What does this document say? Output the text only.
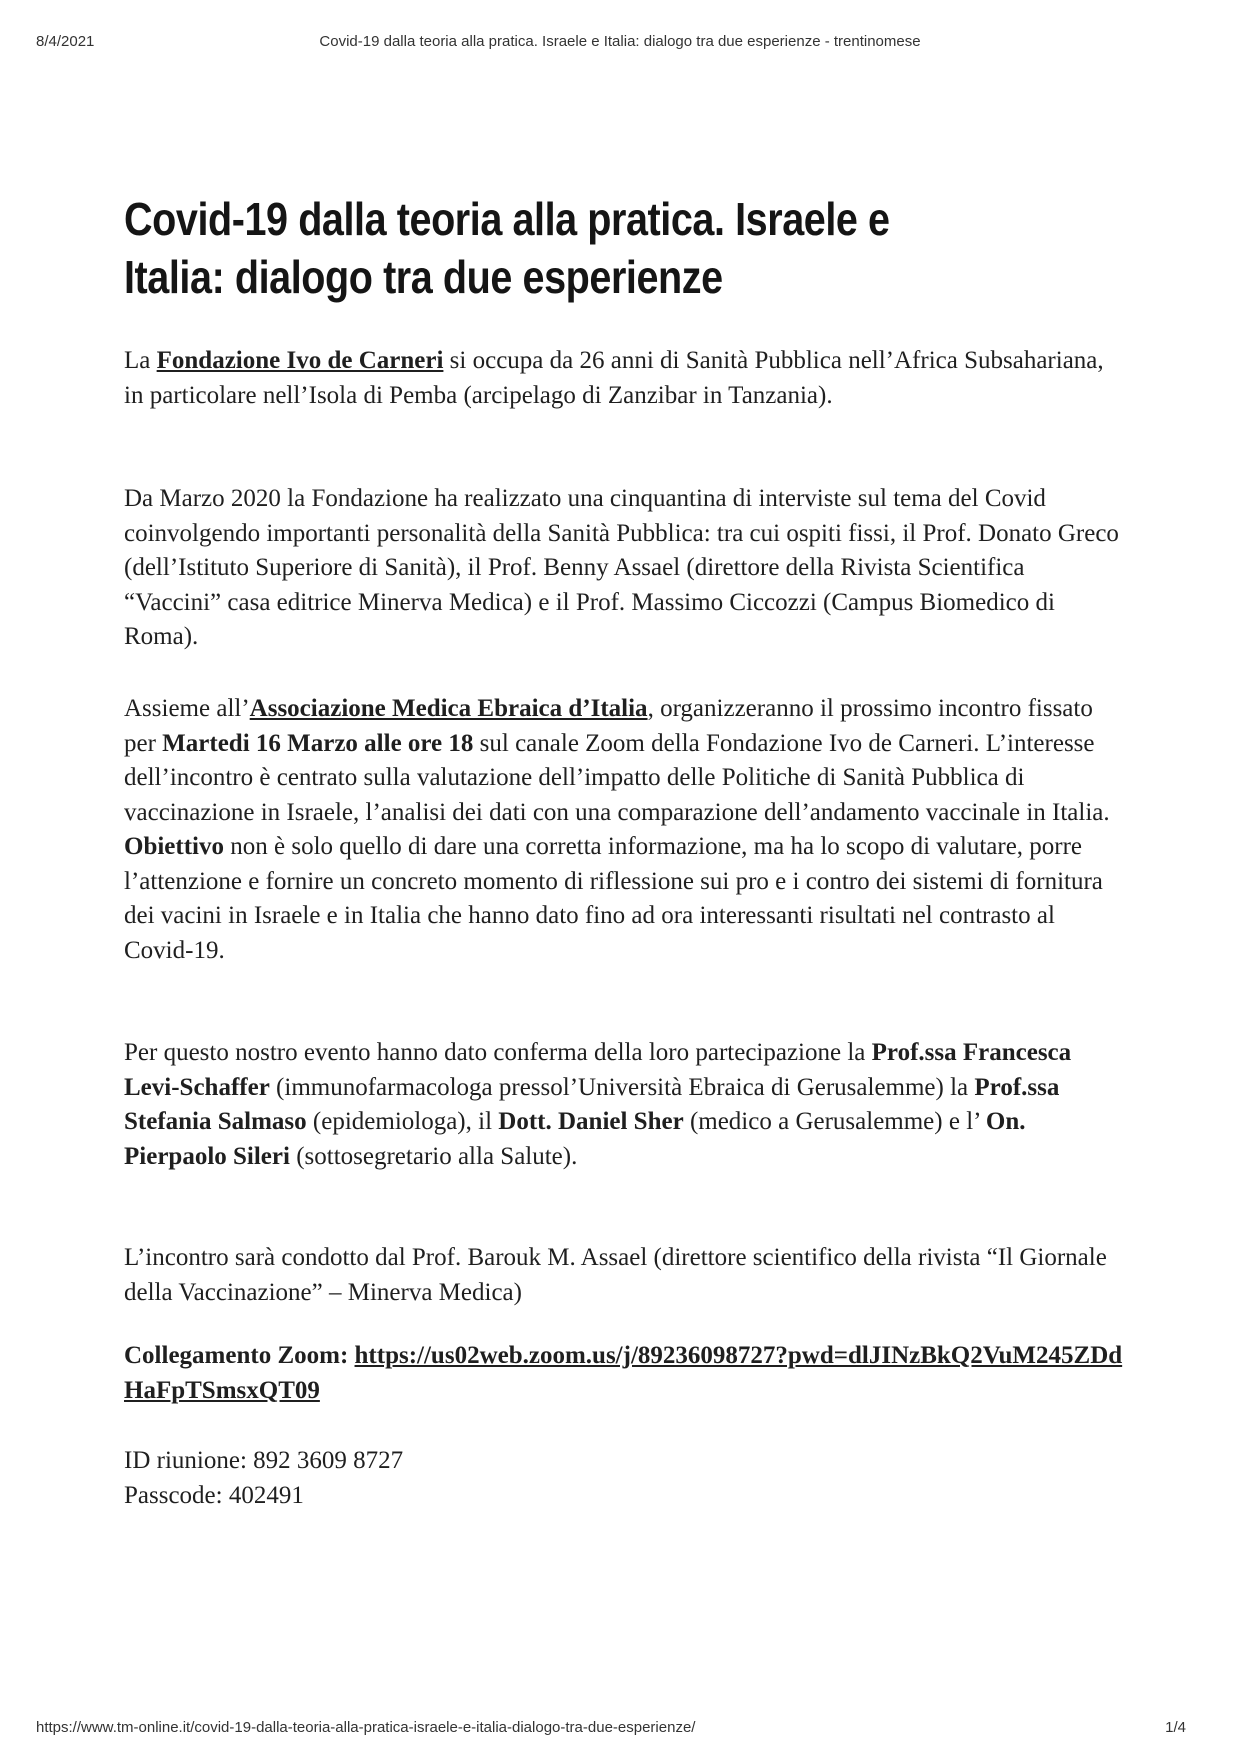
8/4/2021	Covid-19 dalla teoria alla pratica. Israele e Italia: dialogo tra due esperienze - trentinomese
Covid-19 dalla teoria alla pratica. Israele e Italia: dialogo tra due esperienze

La Fondazione Ivo de Carneri si occupa da 26 anni di Sanità Pubblica nell’Africa Subsahariana, in particolare nell’Isola di Pemba (arcipelago di Zanzibar in Tanzania).

Da Marzo 2020 la Fondazione ha realizzato una cinquantina di interviste sul tema del Covid coinvolgendo importanti personalità della Sanità Pubblica: tra cui ospiti fissi, il Prof. Donato Greco (dell’Istituto Superiore di Sanità), il Prof. Benny Assael (direttore della Rivista Scientifica “Vaccini” casa editrice Minerva Medica) e il Prof. Massimo Ciccozzi (Campus Biomedico di Roma).

Assieme all’Associazione Medica Ebraica d’Italia, organizzeranno il prossimo incontro fissato per Martedi 16 Marzo alle ore 18 sul canale Zoom della Fondazione Ivo de Carneri. L’interesse dell’incontro è centrato sulla valutazione dell’impatto delle Politiche di Sanità Pubblica di vaccinazione in Israele, l’analisi dei dati con una comparazione dell’andamento vaccinale in Italia. Obiettivo non è solo quello di dare una corretta informazione, ma ha lo scopo di valutare, porre l’attenzione e fornire un concreto momento di riflessione sui pro e i contro dei sistemi di fornitura dei vacini in Israele e in Italia che hanno dato fino ad ora interessanti risultati nel contrasto al Covid-19.

Per questo nostro evento hanno dato conferma della loro partecipazione la Prof.ssa Francesca Levi-Schaffer (immunofarmacologa pressol’Università Ebraica di Gerusalemme) la Prof.ssa Stefania Salmaso (epidemiologa), il Dott. Daniel Sher (medico a Gerusalemme) e l’ On. Pierpaolo Sileri (sottosegretario alla Salute).

L’incontro sarà condotto dal Prof. Barouk M. Assael (direttore scientifico della rivista “Il Giornale della Vaccinazione” – Minerva Medica)

Collegamento Zoom: https://us02web.zoom.us/j/89236098727?pwd=dlJINzBkQ2VuM245ZDdHaFpTSmsxQT09

ID riunione: 892 3609 8727

Passcode: 402491

https://www.tm-online.it/covid-19-dalla-teoria-alla-pratica-israele-e-italia-dialogo-tra-due-esperienze/	1/4
